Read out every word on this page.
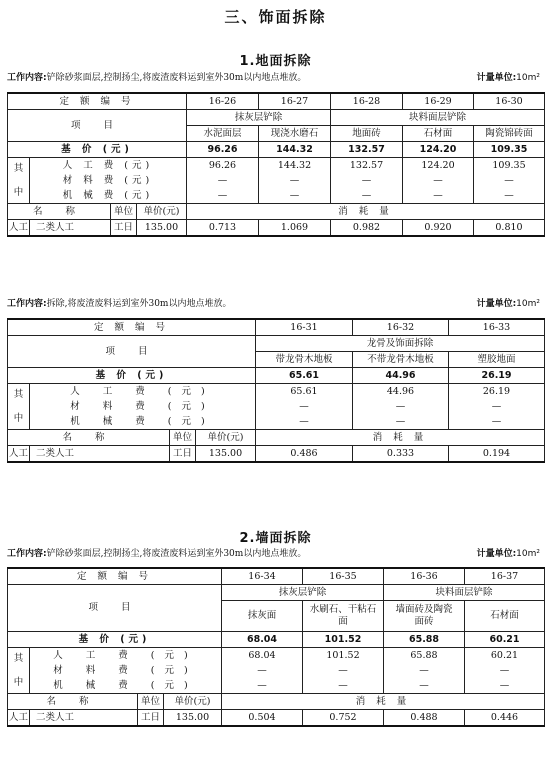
三、饰面拆除
1.地面拆除
工作内容:铲除砂浆面层,控制扬尘,将废渣废料运到室外30m以内地点堆放。	计量单位:10m²
定 额 编 号				16-26	16-27	16-28	16-29	16-30
项 目				抹灰层铲除		块料面层铲除		
				水泥面层	现浇水磨石	地面砖	石材面	陶瓷锦砖面
基 价 (元)				96.26	144.32	132.57	124.20	109.35
其

中	人 工 费 (元)			96.26	144.32	132.57	124.20	109.35
	材 料 费 (元)			—	—	—	—	—
	机 械 费 (元)			—	—	—	—	—
名 称		单位	单价(元)	消 耗 量				
人工	二类人工	工日	135.00	0.713	1.069	0.982	0.920	0.810
工作内容:拆除,将废渣废料运到室外30m以内地点堆放。	计量单位:10m²
定 额 编 号				16-31	16-32	16-33
项 目				龙骨及饰面拆除		
				带龙骨木地板	不带龙骨木地板	塑胶地面
基 价 (元)				65.61	44.96	26.19
其

中	人 工 费 (元)			65.61	44.96	26.19
	材 料 费 (元)			—	—	—
	机 械 费 (元)			—	—	—
名 称		单位	单价(元)	消 耗 量		
人工	二类人工	工日	135.00	0.486	0.333	0.194
2.墙面拆除
工作内容:铲除砂浆面层,控制扬尘,将废渣废料运到室外30m以内地点堆放。	计量单位:10m²
定 额 编 号				16-34	16-35	16-36	16-37
项 目				抹灰层铲除		块料面层铲除	
				抹灰面	水刷石、干粘石面	墙面砖及陶瓷面砖	石材面
基 价 (元)				68.04	101.52	65.88	60.21
其

中	人 工 费 (元)			68.04	101.52	65.88	60.21
	材 料 费 (元)			—	—	—	—
	机 械 费 (元)			—	—	—	—
名 称		单位	单价(元)	消 耗 量			
人工	二类人工	工日	135.00	0.504	0.752	0.488	0.446
